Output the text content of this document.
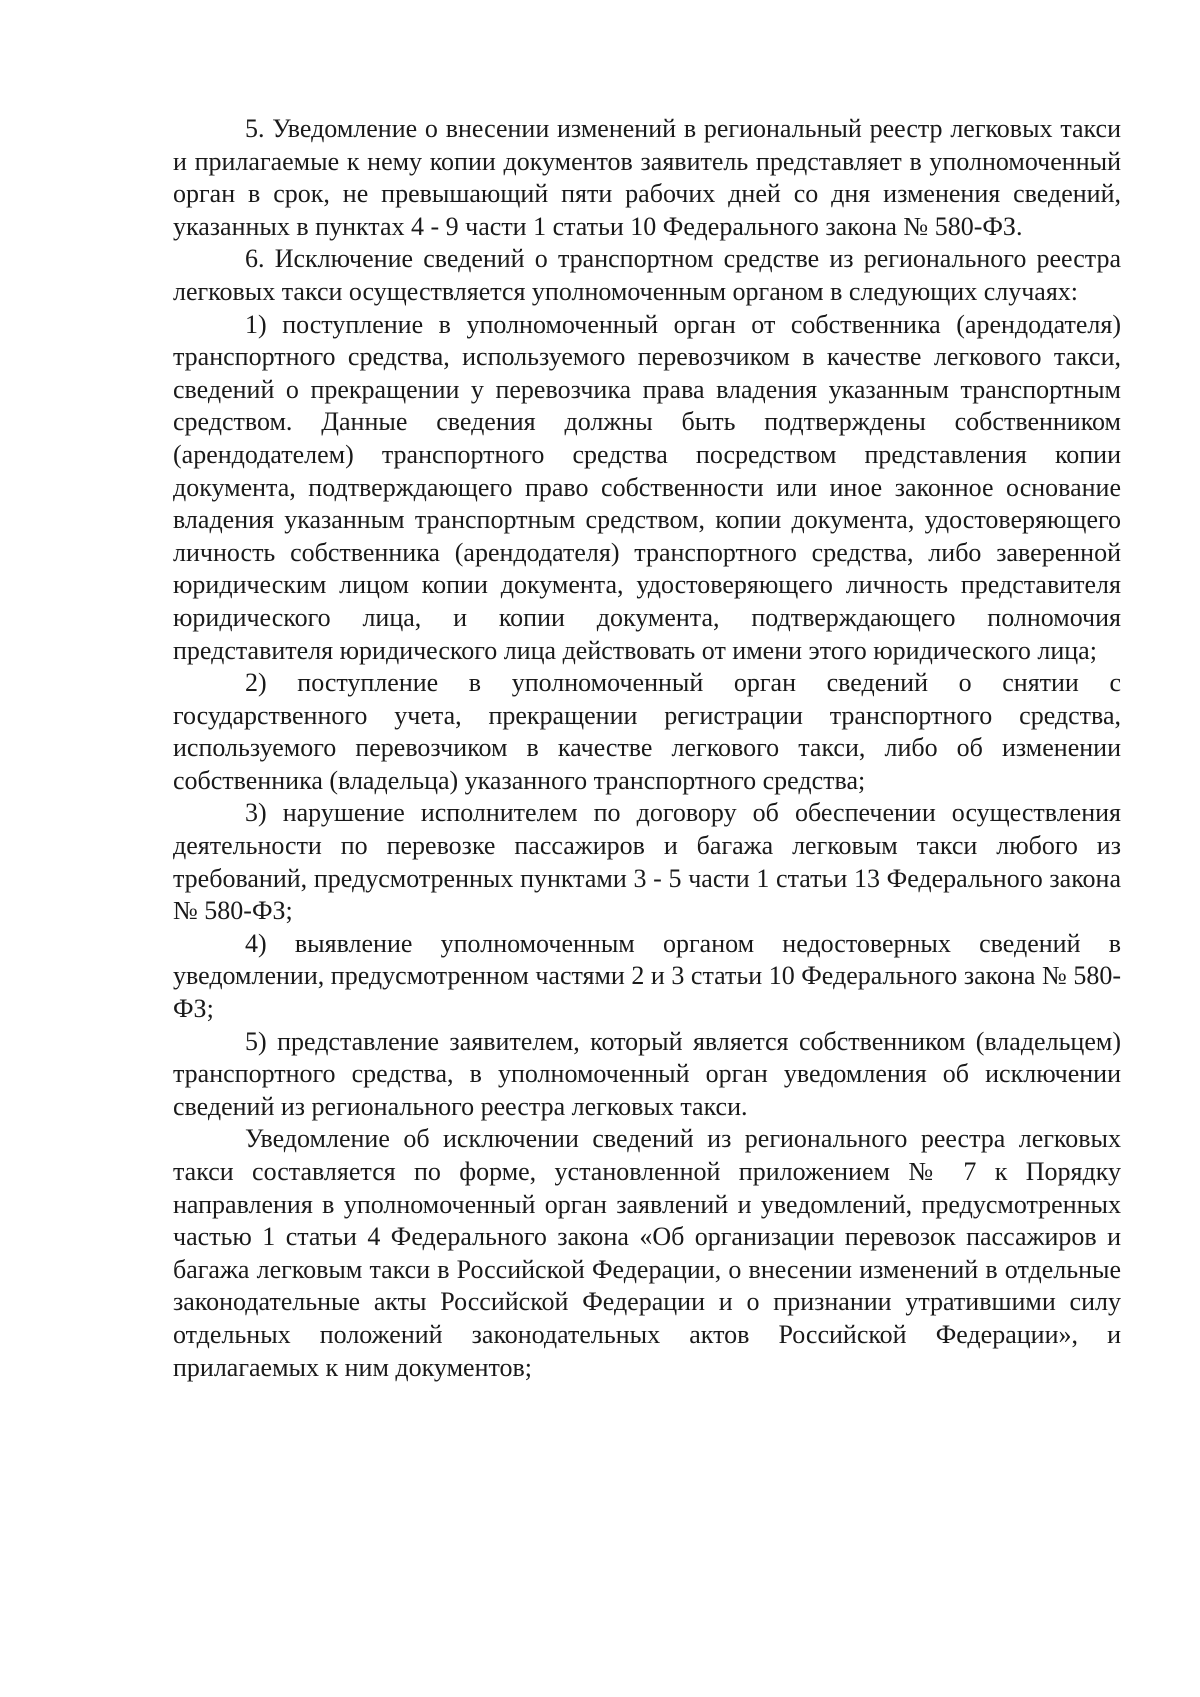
5. Уведомление о внесении изменений в региональный реестр легковых такси и прилагаемые к нему копии документов заявитель представляет в уполномоченный орган в срок, не превышающий пяти рабочих дней со дня изменения сведений, указанных в пунктах 4 - 9 части 1 статьи 10 Федерального закона № 580-ФЗ.

6. Исключение сведений о транспортном средстве из регионального реестра легковых такси осуществляется уполномоченным органом в следующих случаях:

1) поступление в уполномоченный орган от собственника (арендодателя) транспортного средства, используемого перевозчиком в качестве легкового такси, сведений о прекращении у перевозчика права владения указанным транспортным средством. Данные сведения должны быть подтверждены собственником (арендодателем) транспортного средства посредством представления копии документа, подтверждающего право собственности или иное законное основание владения указанным транспортным средством, копии документа, удостоверяющего личность собственника (арендодателя) транспортного средства, либо заверенной юридическим лицом копии документа, удостоверяющего личность представителя юридического лица, и копии документа, подтверждающего полномочия представителя юридического лица действовать от имени этого юридического лица;

2) поступление в уполномоченный орган сведений о снятии с государственного учета, прекращении регистрации транспортного средства, используемого перевозчиком в качестве легкового такси, либо об изменении собственника (владельца) указанного транспортного средства;

3) нарушение исполнителем по договору об обеспечении осуществления деятельности по перевозке пассажиров и багажа легковым такси любого из требований, предусмотренных пунктами 3 - 5 части 1 статьи 13 Федерального закона № 580-ФЗ;

4) выявление уполномоченным органом недостоверных сведений в уведомлении, предусмотренном частями 2 и 3 статьи 10 Федерального закона № 580-ФЗ;

5) представление заявителем, который является собственником (владельцем) транспортного средства, в уполномоченный орган уведомления об исключении сведений из регионального реестра легковых такси.

Уведомление об исключении сведений из регионального реестра легковых такси составляется по форме, установленной приложением № 7 к Порядку направления в уполномоченный орган заявлений и уведомлений, предусмотренных частью 1 статьи 4 Федерального закона «Об организации перевозок пассажиров и багажа легковым такси в Российской Федерации, о внесении изменений в отдельные законодательные акты Российской Федерации и о признании утратившими силу отдельных положений законодательных актов Российской Федерации», и прилагаемых к ним документов;
